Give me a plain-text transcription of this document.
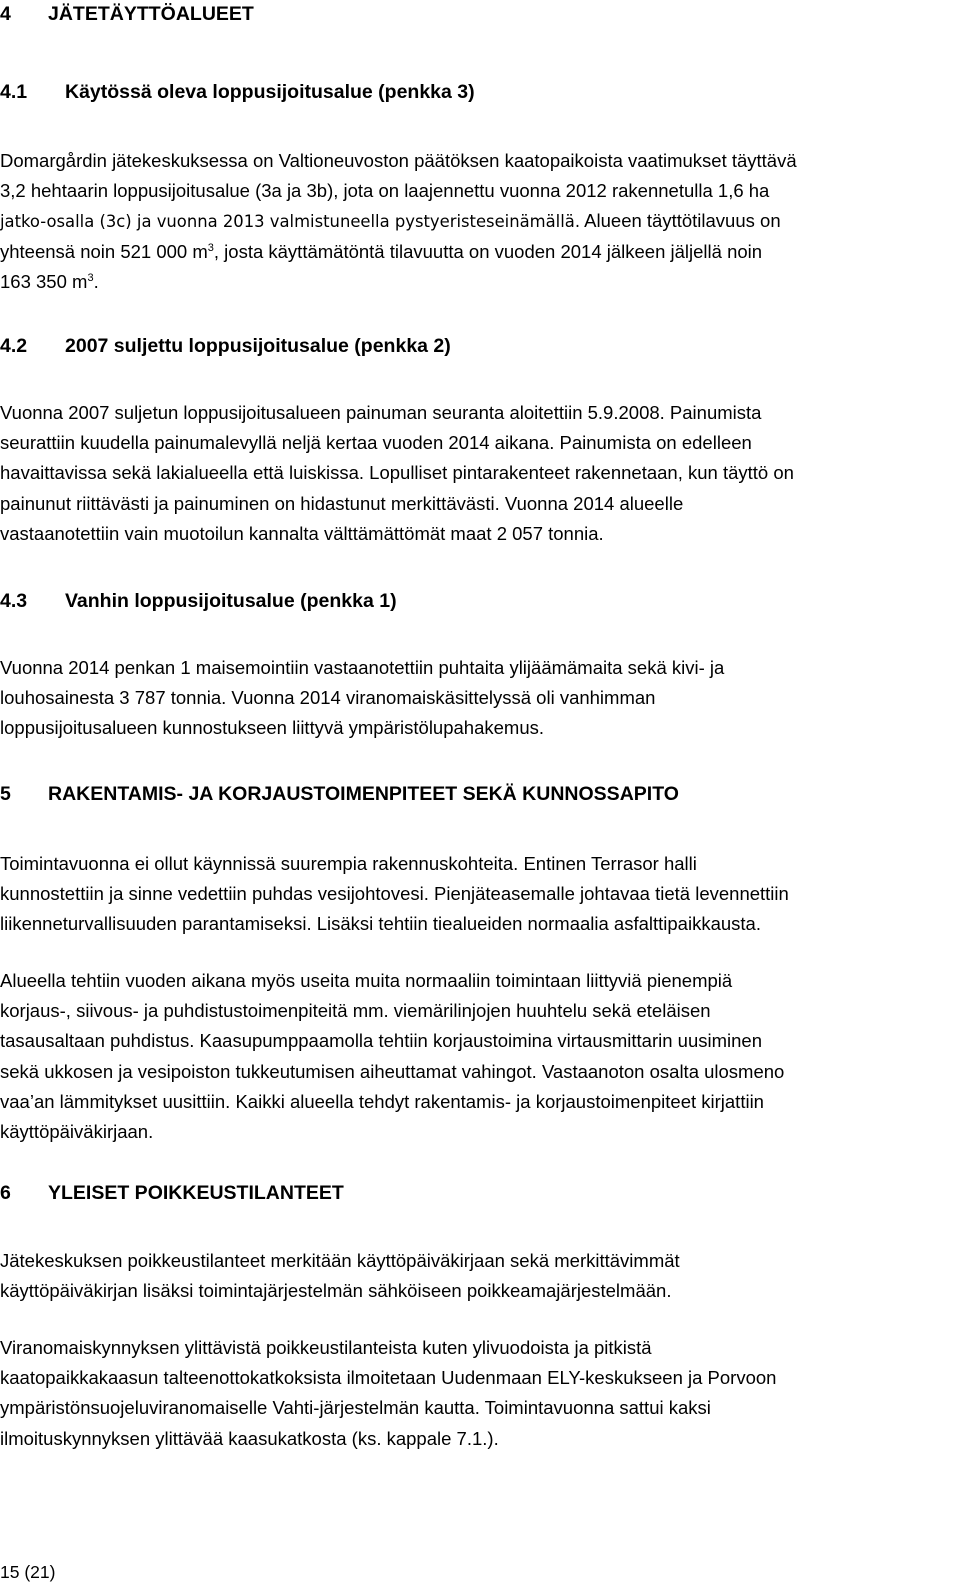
4 JÄTETÄYTTÖALUEET
4.1 Käytössä oleva loppusijoitusalue (penkka 3)
Domargårdin jätekeskuksessa on Valtioneuvoston päätöksen kaatopaikoista vaatimukset täyttävä
3,2 hehtaarin loppusijoitusalue (3a ja 3b), jota on laajennettu vuonna 2012 rakennetulla 1,6 ha
jatko-osalla (3c) ja vuonna 2013 valmistuneella pystyeristeseinämällä. Alueen täyttötilavuus on
yhteensä noin 521 000 $m^3$, josta käyttämätöntä tilavuutta on vuoden 2014 jälkeen jäljellä noin
163 350 $m^3$.
4.2 2007 suljettu loppusijoitusalue (penkka 2)
Vuonna 2007 suljetun loppusijoitusalueen painuman seuranta aloitettiin 5.9.2008. Painumista
seurattiin kuudella painumalevyllä neljä kertaa vuoden 2014 aikana. Painumista on edelleen
havaittavissa sekä lakialueella että luiskissa. Lopulliset pintarakenteet rakennetaan, kun täyttö on
painunut riittävästi ja painuminen on hidastunut merkittävästi. Vuonna 2014 alueelle
vastaanotettiin vain muotoilun kannalta välttämättömät maat 2 057 tonnia.
4.3 Vanhin loppusijoitusalue (penkka 1)
Vuonna 2014 penkan 1 maisemointiin vastaanotettiin puhtaita ylijäämämaita sekä kivi- ja
louhosainesta 3 787 tonnia. Vuonna 2014 viranomaiskäsittelyssä oli vanhimman
loppusijoitusalueen kunnostukseen liittyvä ympäristölupahakemus.
5 RAKENTAMIS- JA KORJAUSTOIMENPITEET SEKÄ KUNNOSSAPITO
Toimintavuonna ei ollut käynnissä suurempia rakennuskohteita. Entinen Terrasor halli
kunnostettiin ja sinne vedettiin puhdas vesijohtovesi. Pienjäteasemalle johtavaa tietä levennettiin
liikenneturvallisuuden parantamiseksi. Lisäksi tehtiin tiealueiden normaalia asfalttipaikkausta.
Alueella tehtiin vuoden aikana myös useita muita normaaliin toimintaan liittyviä pienempiä
korjaus-, siivous- ja puhdistustoimenpiteitä mm. viemärilinjojen huuhtelu sekä eteläisen
tasausaltaan puhdistus. Kaasupumppaamolla tehtiin korjaustoimina virtausmittarin uusiminen
sekä ukkosen ja vesipoiston tukkeutumisen aiheuttamat vahingot. Vastaanoton osalta ulosmeno
vaa’an lämmitykset uusittiin. Kaikki alueella tehdyt rakentamis- ja korjaustoimenpiteet kirjattiin
käyttöpäiväkirjaan.
6 YLEISET POIKKEUSTILANTEET
Jätekeskuksen poikkeustilanteet merkitään käyttöpäiväkirjaan sekä merkittävimmät
käyttöpäiväkirjan lisäksi toimintajärjestelmän sähköiseen poikkeamajärjestelmään.
Viranomaiskynnyksen ylittävistä poikkeustilanteista kuten ylivuodoista ja pitkistä
kaatopaikkakaasun talteenottokatkoksista ilmoitetaan Uudenmaan ELY-keskukseen ja Porvoon
ympäristönsuojeluviranomaiselle Vahti-järjestelmän kautta. Toimintavuonna sattui kaksi
ilmoituskynnyksen ylittävää kaasukatkosta (ks. kappale 7.1.).
15 (21)
